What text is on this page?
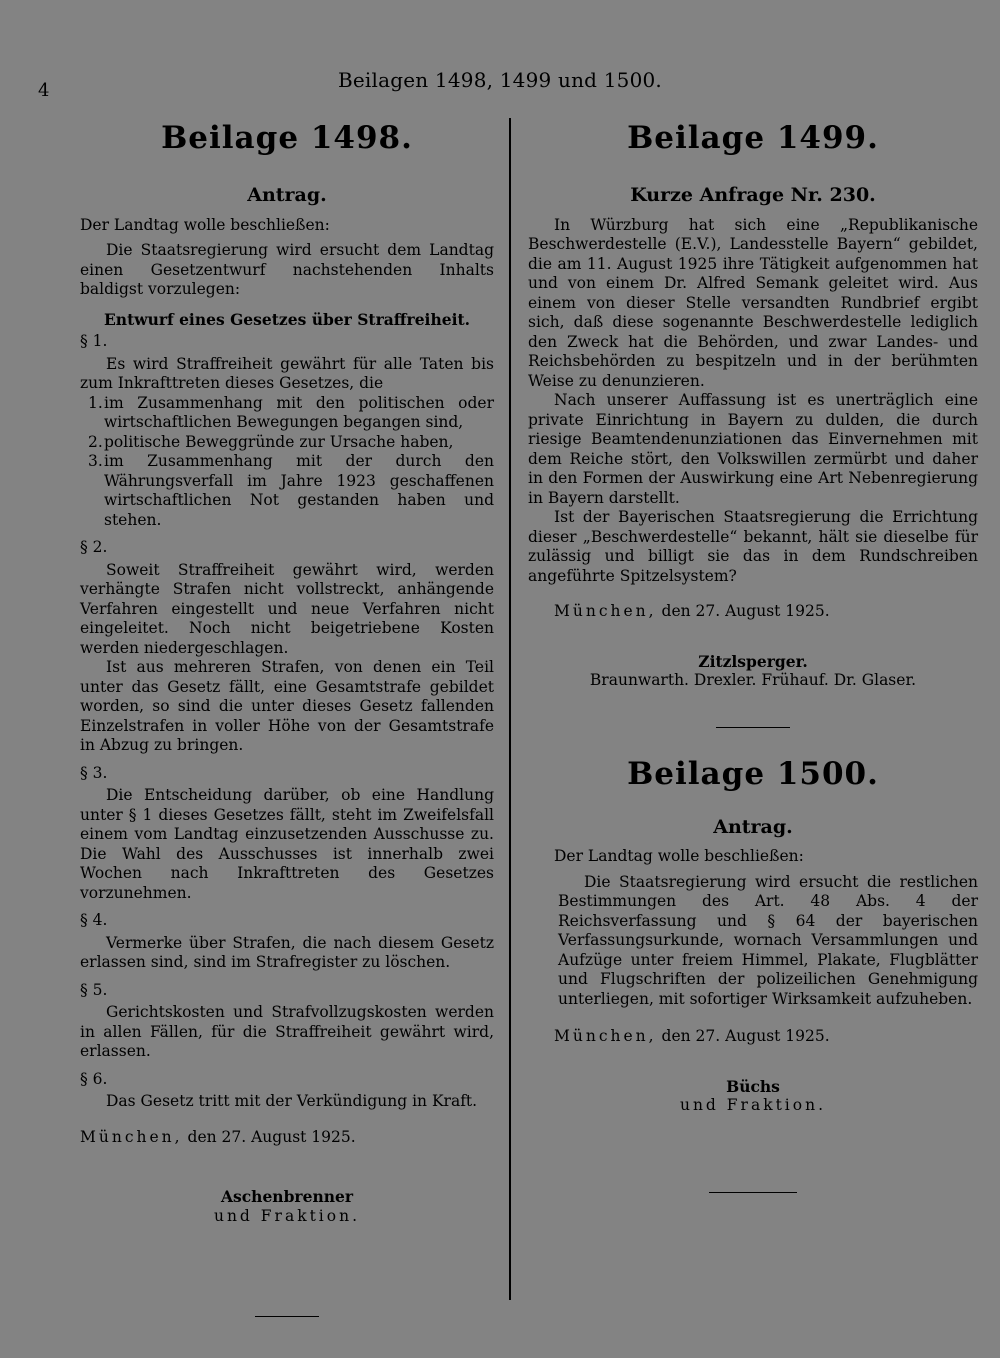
4	Beilagen 1498, 1499 und 1500.
Beilage 1498.
Antrag.

Der Landtag wolle beschließen:

Die Staatsregierung wird ersucht dem Landtag einen Gesetzentwurf nachstehenden Inhalts baldigst vorzulegen:

Entwurf eines Gesetzes über Straffreiheit.

§ 1.

Es wird Straffreiheit gewährt für alle Taten bis zum Inkrafttreten dieses Gesetzes, die

1. im Zusammenhang mit den politischen oder wirtschaftlichen Bewegungen begangen sind,
2. politische Beweggründe zur Ursache haben,
3. im Zusammenhang mit der durch den Währungsverfall im Jahre 1923 geschaffenen wirtschaftlichen Not gestanden haben und stehen.

§ 2.

Soweit Straffreiheit gewährt wird, werden verhängte Strafen nicht vollstreckt, anhängende Verfahren eingestellt und neue Verfahren nicht eingeleitet. Noch nicht beigetriebene Kosten werden niedergeschlagen.

Ist aus mehreren Strafen, von denen ein Teil unter das Gesetz fällt, eine Gesamtstrafe gebildet worden, so sind die unter dieses Gesetz fallenden Einzelstrafen in voller Höhe von der Gesamtstrafe in Abzug zu bringen.

§ 3.

Die Entscheidung darüber, ob eine Handlung unter § 1 dieses Gesetzes fällt, steht im Zweifelsfall einem vom Landtag einzusetzenden Ausschusse zu. Die Wahl des Ausschusses ist innerhalb zwei Wochen nach Inkrafttreten des Gesetzes vorzunehmen.

§ 4.

Vermerke über Strafen, die nach diesem Gesetz erlassen sind, sind im Strafregister zu löschen.

§ 5.

Gerichtskosten und Strafvollzugskosten werden in allen Fällen, für die Straffreiheit gewährt wird, erlassen.

§ 6.

Das Gesetz tritt mit der Verkündigung in Kraft.

München, den 27. August 1925.

Aschenbrenner
und Fraktion.
Beilage 1499.
Kurze Anfrage Nr. 230.

In Würzburg hat sich eine „Republikanische Beschwerdestelle (E.V.), Landesstelle Bayern“ gebildet, die am 11. August 1925 ihre Tätigkeit aufgenommen hat und von einem Dr. Alfred Semank geleitet wird. Aus einem von dieser Stelle versandten Rundbrief ergibt sich, daß diese sogenannte Beschwerdestelle lediglich den Zweck hat die Behörden, und zwar Landes- und Reichsbehörden zu bespitzeln und in der berühmten Weise zu denunzieren.

Nach unserer Auffassung ist es unerträglich eine private Einrichtung in Bayern zu dulden, die durch riesige Beamtendenunziationen das Einvernehmen mit dem Reiche stört, den Volkswillen zermürbt und daher in den Formen der Auswirkung eine Art Nebenregierung in Bayern darstellt.

Ist der Bayerischen Staatsregierung die Errichtung dieser „Beschwerdestelle“ bekannt, hält sie dieselbe für zulässig und billigt sie das in dem Rundschreiben angeführte Spitzelsystem?

München, den 27. August 1925.

Zitzlsperger.
Braunwarth. Drexler. Frühauf. Dr. Glaser.
Beilage 1500.
Antrag.

Der Landtag wolle beschließen:

Die Staatsregierung wird ersucht die restlichen Bestimmungen des Art. 48 Abs. 4 der Reichsverfassung und § 64 der bayerischen Verfassungsurkunde, wornach Versammlungen und Aufzüge unter freiem Himmel, Plakate, Flugblätter und Flugschriften der polizeilichen Genehmigung unterliegen, mit sofortiger Wirksamkeit aufzuheben.

München, den 27. August 1925.

Büchs
und Fraktion.
